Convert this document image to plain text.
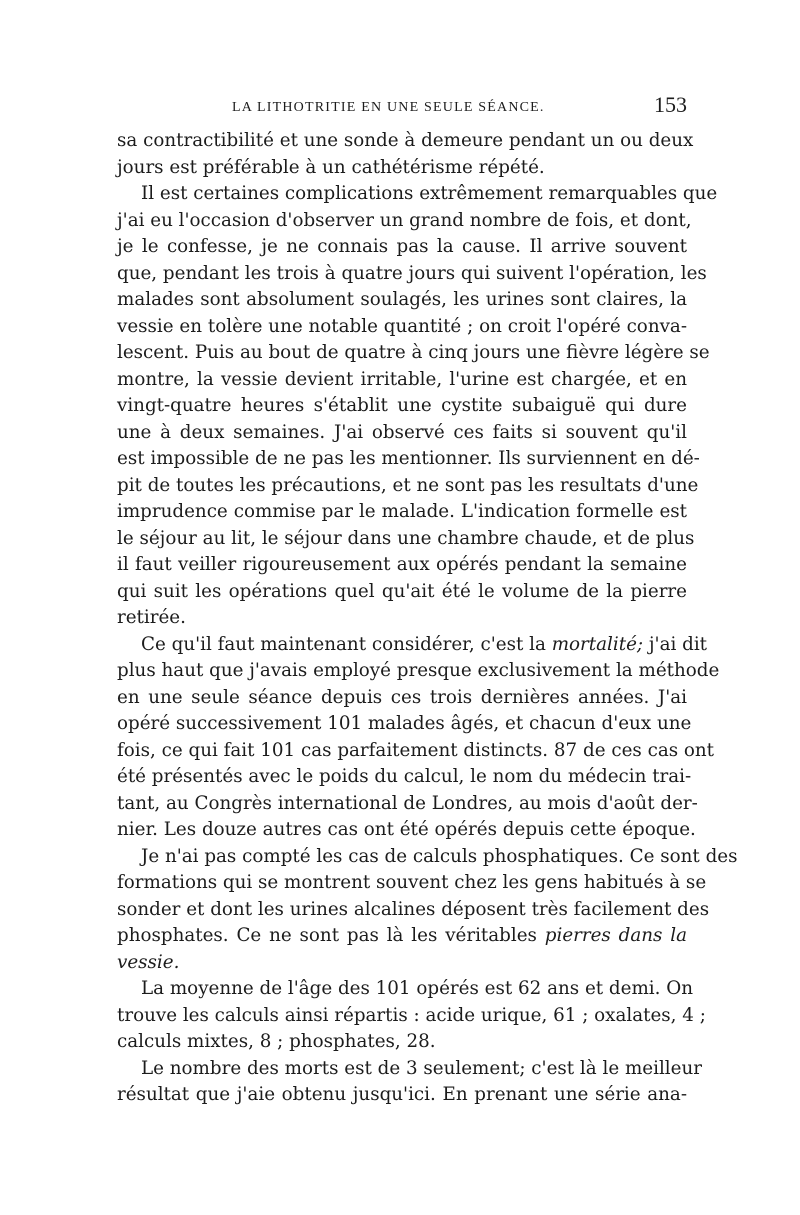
LA LITHOTRITIE EN UNE SEULE SÉANCE.	153
sa contractibilité et une sonde à demeure pendant un ou deux
jours est préférable à un cathétérisme répété.
Il est certaines complications extrêmement remarquables que
j'ai eu l'occasion d'observer un grand nombre de fois, et dont,
je le confesse, je ne connais pas la cause. Il arrive souvent
que, pendant les trois à quatre jours qui suivent l'opération, les
malades sont absolument soulagés, les urines sont claires, la
vessie en tolère une notable quantité ; on croit l'opéré conva-
lescent. Puis au bout de quatre à cinq jours une fièvre légère se
montre, la vessie devient irritable, l'urine est chargée, et en
vingt-quatre heures s'établit une cystite subaiguë qui dure
une à deux semaines. J'ai observé ces faits si souvent qu'il
est impossible de ne pas les mentionner. Ils surviennent en dé-
pit de toutes les précautions, et ne sont pas les resultats d'une
imprudence commise par le malade. L'indication formelle est
le séjour au lit, le séjour dans une chambre chaude, et de plus
il faut veiller rigoureusement aux opérés pendant la semaine
qui suit les opérations quel qu'ait été le volume de la pierre
retirée.
Ce qu'il faut maintenant considérer, c'est la mortalité; j'ai dit
plus haut que j'avais employé presque exclusivement la méthode
en une seule séance depuis ces trois dernières années. J'ai
opéré successivement 101 malades âgés, et chacun d'eux une
fois, ce qui fait 101 cas parfaitement distincts. 87 de ces cas ont
été présentés avec le poids du calcul, le nom du médecin trai-
tant, au Congrès international de Londres, au mois d'août der-
nier. Les douze autres cas ont été opérés depuis cette époque.
Je n'ai pas compté les cas de calculs phosphatiques. Ce sont des
formations qui se montrent souvent chez les gens habitués à se
sonder et dont les urines alcalines déposent très facilement des
phosphates. Ce ne sont pas là les véritables pierres dans la
vessie.
La moyenne de l'âge des 101 opérés est 62 ans et demi. On
trouve les calculs ainsi répartis : acide urique, 61 ; oxalates, 4 ;
calculs mixtes, 8 ; phosphates, 28.
Le nombre des morts est de 3 seulement; c'est là le meilleur
résultat que j'aie obtenu jusqu'ici. En prenant une série ana-
